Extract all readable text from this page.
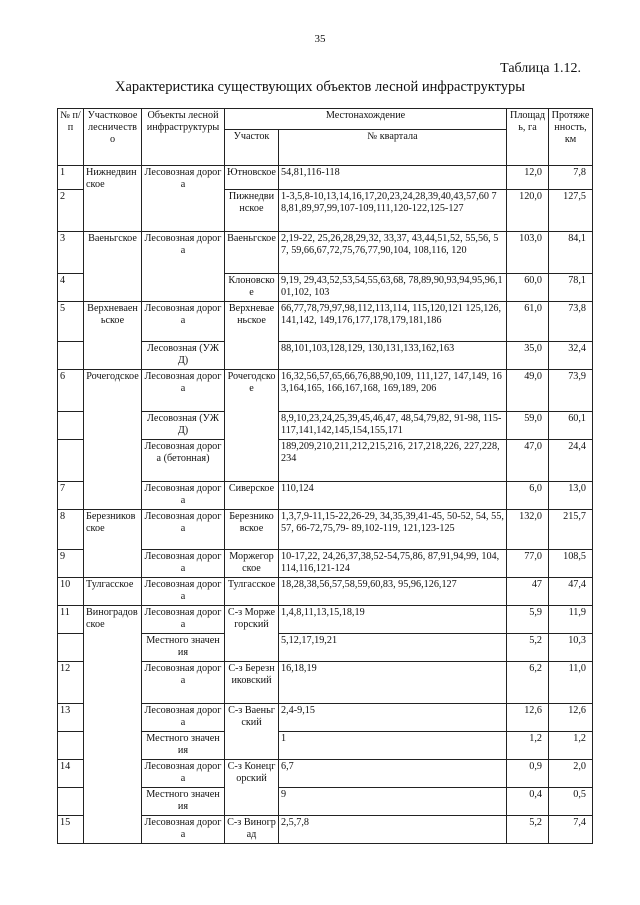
35
Таблица 1.12.
Характеристика существующих объектов лесной инфраструктуры
№ п/п	Участковое лесничество	Объекты лесной инфраструктуры	Местонахождение		Площадь, га	Протяженность, км
			Участок	№ квартала		
1	Нижнедвинское	Лесовозная дорога	Ютновское	54,81,116-118	12,0	7,8
2			Пижнедвинское	1-3,5,8-10,13,14,16,17,20,23,24,28,39,40,43,57,60 78,81,89,97,99,107-109,111,120-122,125-127	120,0	127,5
3	Ваеньгское	Лесовозная дорога	Ваеньгское	2,19-22, 25,26,28,29,32, 33,37, 43,44,51,52, 55,56, 57, 59,66,67,72,75,76,77,90,104, 108,116, 120	103,0	84,1
4			Клоновское	9,19, 29,43,52,53,54,55,63,68, 78,89,90,93,94,95,96,101,102, 103	60,0	78,1
5	Верхневаеньское	Лесовозная дорога	Верхневаеньское	66,77,78,79,97,98,112,113,114, 115,120,121 125,126,141,142, 149,176,177,178,179,181,186	61,0	73,8
		Лесовозная (УЖД)		88,101,103,128,129, 130,131,133,162,163	35,0	32,4
6	Рочегодское	Лесовозная дорога	Рочегодское	16,32,56,57,65,66,76,88,90,109, 111,127, 147,149, 163,164,165, 166,167,168, 169,189, 206	49,0	73,9
		Лесовозная (УЖД)		8,9,10,23,24,25,39,45,46,47, 48,54,79,82, 91-98, 115-117,141,142,145,154,155,171	59,0	60,1
		Лесовозная дорога (бетонная)		189,209,210,211,212,215,216, 217,218,226, 227,228,234	47,0	24,4
7		Лесовозная дорога	Сиверское	110,124	6,0	13,0
8	Березниковское	Лесовозная дорога	Березниковское	1,3,7,9-11,15-22,26-29, 34,35,39,41-45, 50-52, 54, 55,57, 66-72,75,79- 89,102-119, 121,123-125	132,0	215,7
9		Лесовозная дорога	Моржегорское	10-17,22, 24,26,37,38,52-54,75,86, 87,91,94,99, 104,114,116,121-124	77,0	108,5
10	Тулгасское	Лесовозная дорога	Тулгасское	18,28,38,56,57,58,59,60,83, 95,96,126,127	47	47,4
11	Виноградовское	Лесовозная дорога	С-з Моржегорский	1,4,8,11,13,15,18,19	5,9	11,9
		Местного значения		5,12,17,19,21	5,2	10,3
12		Лесовозная дорога	С-з Березниковский	16,18,19	6,2	11,0
13		Лесовозная дорога	С-з Ваеньгский	2,4-9,15	12,6	12,6
		Местного значения		1	1,2	1,2
14		Лесовозная дорога	С-з Конецгорский	6,7	0,9	2,0
		Местного значения		9	0,4	0,5
15		Лесовозная дорога	С-з Виноград	2,5,7,8	5,2	7,4
